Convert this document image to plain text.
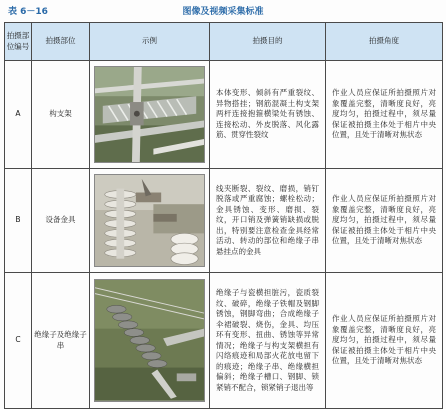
表 6－16	图像及视频采集标准
拍摄部位编号	拍摄部位	示例	拍摄目的	拍摄角度
A	构支架		本体变形、倾斜有严重裂纹、异物搭挂；钢筋混凝土构支架两杆连接抱箍横梁处有锈蚀、连接松动、外皮脱落、风化露筋、贯穿性裂纹	作业人员应保证所拍摄照片对象覆盖完整，清晰度良好，亮度均匀，拍摄过程中，须尽量保证被拍摄主体处于相片中央位置，且处于清晰对焦状态
B	设备金具		线夹断裂、裂纹、磨损，销钉脱落或严重腐蚀；螺栓松动；金具锈蚀、变形、磨损、裂纹，开口销及弹簧销缺损或脱出，特别要注意检查金具经常活动、转动的部位和绝缘子串悬挂点的金具	作业人员应保证所拍摄照片对象覆盖完整，清晰度良好，亮度均匀，拍摄过程中，须尽量保证被拍摄主体处于相片中央位置，且处于清晰对焦状态
C	绝缘子及绝缘子串		绝缘子与瓷横担脏污，瓷质裂纹、破碎，绝缘子铁帽及钢脚锈蚀，钢脚弯曲；合成绝缘子伞裙破裂、烧伤，金具、均压环有变形、扭曲、锈蚀等异常情况；绝缘子与构支架横担有闪络痕迹和局部火花放电留下的痕迹；绝缘子串、绝缘横担偏斜；绝缘子槽口、钢脚、锁紧销不配合，锁紧销子退出等	作业人员应保证所拍摄照片对象覆盖完整，清晰度良好，亮度均匀，拍摄过程中，须尽量保证被拍摄主体处于相片中央位置，且处于清晰对焦状态
